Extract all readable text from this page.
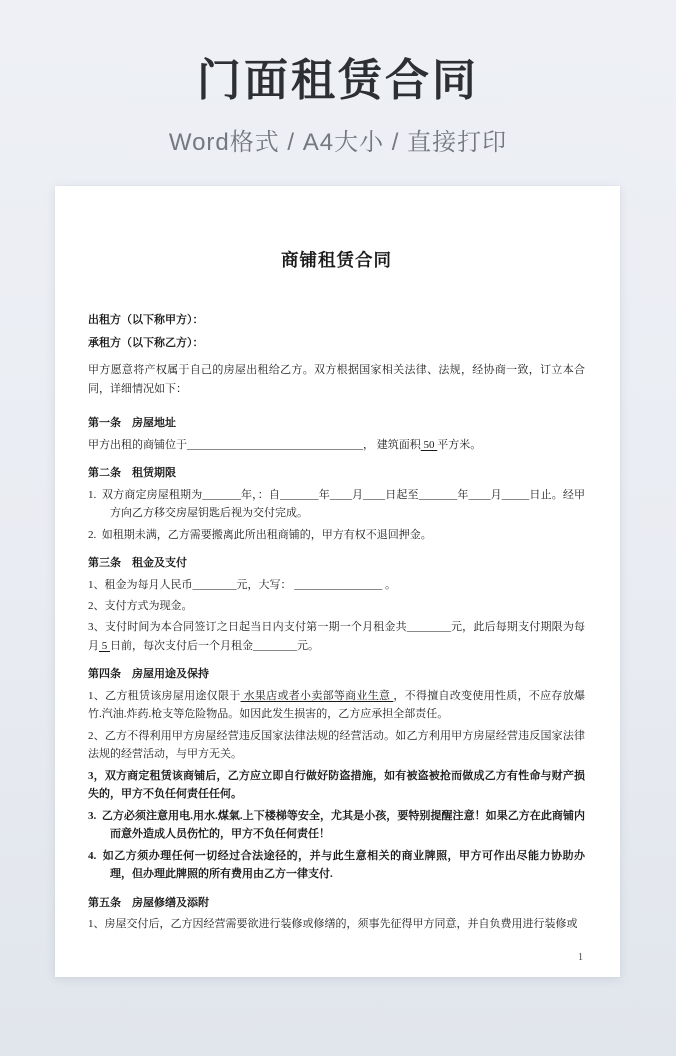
门面租赁合同
Word格式 / A4大小 / 直接打印
商铺租赁合同
出租方（以下称甲方）：
承租方（以下称乙方）：
甲方愿意将产权属于自己的房屋出租给乙方。双方根据国家相关法律、法规，经协商一致，订立本合同，详细情况如下：
第一条　房屋地址
甲方出租的商铺位于________________________________， 建筑面积 50 平方米。
第二条　租赁期限
1.  双方商定房屋租期为_______年，：自_______年____月____日起至_______年____月_____日止。经甲方向乙方移交房屋钥匙后视为交付完成。
2.  如租期未满，乙方需要搬离此所出租商铺的，甲方有权不退回押金。
第三条　租金及支付
1、租金为每月人民币________元，大写： ________________ 。
2、支付方式为现金。
3、支付时间为本合同签订之日起当日内支付第一期一个月租金共________元，此后每期支付期限为每月 5 日前，每次支付后一个月租金________元。
第四条　房屋用途及保持
1、乙方租赁该房屋用途仅限于 水果店或者小卖部等商业生意 ，不得擅自改变使用性质，不应存放爆竹.汽油.炸药.枪支等危险物品。如因此发生损害的，乙方应承担全部责任。
2、乙方不得利用甲方房屋经营违反国家法律法规的经营活动。如乙方利用甲方房屋经营违反国家法律法规的经营活动，与甲方无关。
3，双方商定租赁该商铺后，乙方应立即自行做好防盗措施，如有被盗被抢而做成乙方有性命与财产损失的，甲方不负任何责任任何。
3.  乙方必须注意用电.用水.煤氣.上下楼梯等安全，尤其是小孩，要特别提醒注意！如果乙方在此商铺内而意外造成人员伤忙的，甲方不负任何责任！
4.  如乙方须办理任何一切经过合法途径的，并与此生意相关的商业牌照，甲方可作出尽能力协助办理，但办理此牌照的所有费用由乙方一律支付.
第五条　房屋修缮及添附
1、房屋交付后，乙方因经营需要欲进行装修或修缮的，须事先征得甲方同意，并自负费用进行装修或
1
